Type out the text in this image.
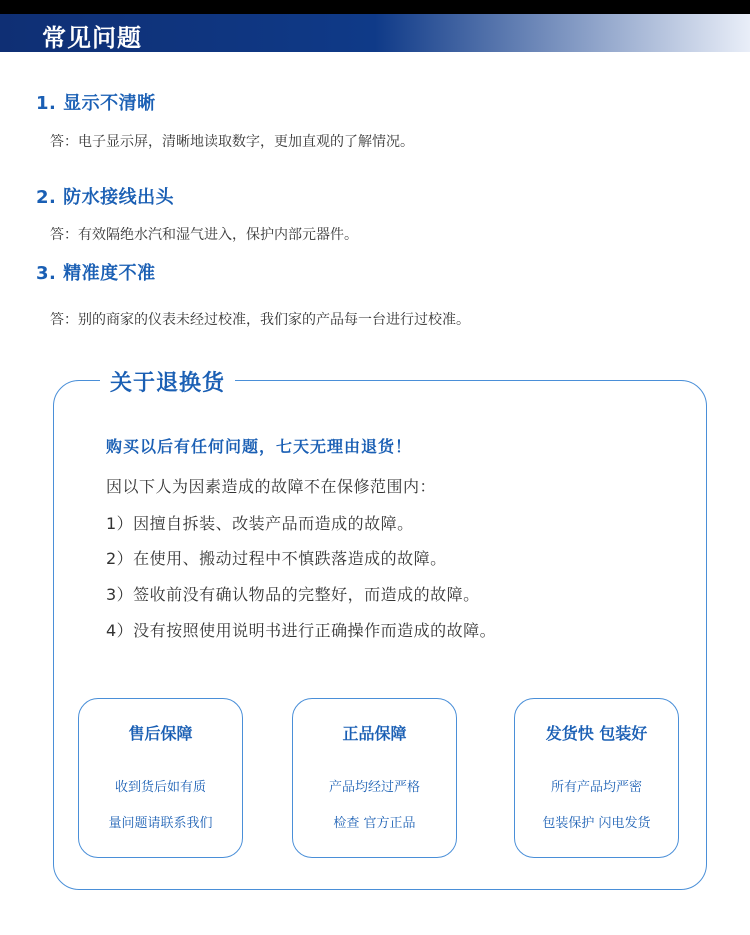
常见问题
1. 显示不清晰
答：电子显示屏，清晰地读取数字，更加直观的了解情况。
2. 防水接线出头
答：有效隔绝水汽和湿气进入，保护内部元器件。
3. 精准度不准
答：别的商家的仪表未经过校准，我们家的产品每一台进行过校准。
关于退换货
购买以后有任何问题，七天无理由退货！
因以下人为因素造成的故障不在保修范围内：
1）因擅自拆装、改装产品而造成的故障。
2）在使用、搬动过程中不慎跌落造成的故障。
3）签收前没有确认物品的完整好，而造成的故障。
4）没有按照使用说明书进行正确操作而造成的故障。
售后保障
收到货后如有质
量问题请联系我们
正品保障
产品均经过严格
检查 官方正品
发货快 包装好
所有产品均严密
包装保护 闪电发货
